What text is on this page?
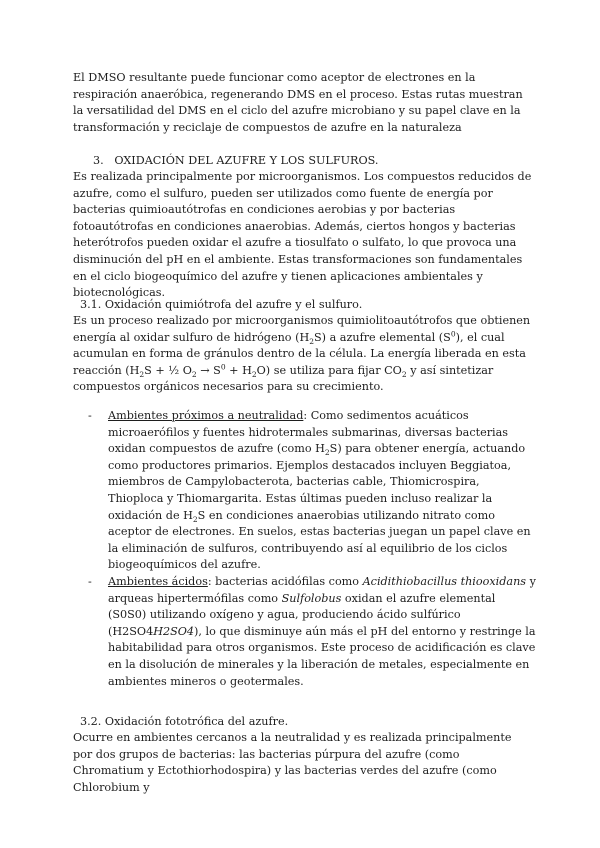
El DMSO resultante puede funcionar como aceptor de electrones en la respiración anaeróbica, regenerando DMS en el proceso. Estas rutas muestran la versatilidad del DMS en el ciclo del azufre microbiano y su papel clave en la transformación y reciclaje de compuestos de azufre en la naturaleza

3. OXIDACIÓN DEL AZUFRE Y LOS SULFUROS.

Es realizada principalmente por microorganismos. Los compuestos reducidos de azufre, como el sulfuro, pueden ser utilizados como fuente de energía por bacterias quimioautótrofas en condiciones aerobias y por bacterias fotoautótrofas en condiciones anaerobias. Además, ciertos hongos y bacterias heterótrofos pueden oxidar el azufre a tiosulfato o sulfato, lo que provoca una disminución del pH en el ambiente. Estas transformaciones son fundamentales en el ciclo biogeoquímico del azufre y tienen aplicaciones ambientales y biotecnológicas.

3.1. Oxidación quimiótrofa del azufre y el sulfuro.

Es un proceso realizado por microorganismos quimiolitoautótrofos que obtienen energía al oxidar sulfuro de hidrógeno $(H_2S)$ a azufre elemental $(S^0)$, el cual acumulan en forma de gránulos dentro de la célula. La energía liberada en esta reacción ($H_2S$ + ½ $O_2 \to S^0 + H_2O$) se utiliza para fijar $CO_2$ y así sintetizar compuestos orgánicos necesarios para su crecimiento.

- Ambientes próximos a neutralidad: Como sedimentos acuáticos microaerófilos y fuentes hidrotermales submarinas, diversas bacterias oxidan compuestos de azufre (como $H_2S$) para obtener energía, actuando como productores primarios. Ejemplos destacados incluyen Beggiatoa, miembros de Campylobacterota, bacterias cable, Thiomicrospira, Thioploca y Thiomargarita. Estas últimas pueden incluso realizar la oxidación de $H_2S$ en condiciones anaerobias utilizando nitrato como aceptor de electrones. En suelos, estas bacterias juegan un papel clave en la eliminación de sulfuros, contribuyendo así al equilibrio de los ciclos biogeoquímicos del azufre.
- Ambientes ácidos: bacterias acidófilas como Acidithiobacillus thiooxidans y arqueas hipertermófilas como Sulfolobus oxidan el azufre elemental (S0S0) utilizando oxígeno y agua, produciendo ácido sulfúrico (H2SO4H2SO4), lo que disminuye aún más el pH del entorno y restringe la habitabilidad para otros organismos. Este proceso de acidificación es clave en la disolución de minerales y la liberación de metales, especialmente en ambientes mineros o geotermales.

3.2. Oxidación fototrófica del azufre.

Ocurre en ambientes cercanos a la neutralidad y es realizada principalmente por dos grupos de bacterias: las bacterias púrpura del azufre (como Chromatium y Ectothiorhodospira) y las bacterias verdes del azufre (como Chlorobium y
